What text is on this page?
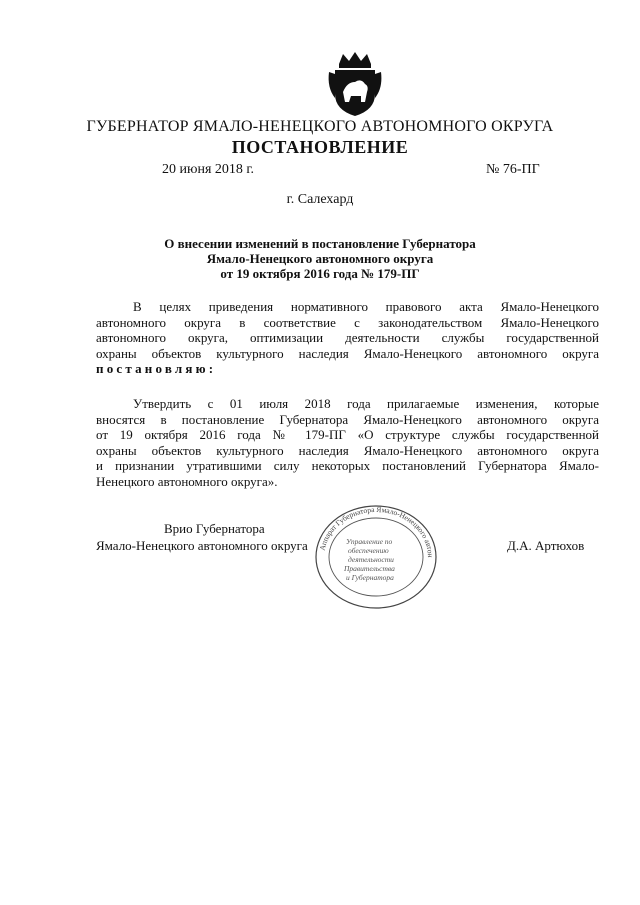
ГУБЕРНАТОР ЯМАЛО-НЕНЕЦКОГО АВТОНОМНОГО ОКРУГА
ПОСТАНОВЛЕНИЕ
20 июня 2018 г.	№ 76-ПГ
г. Салехард
О внесении изменений в постановление Губернатора
Ямало-Ненецкого автономного округа
от 19 октября 2016 года № 179-ПГ
В целях приведения нормативного правового акта Ямало-Ненецкого
автономного округа в соответствие с законодательством Ямало-Ненецкого
автономного округа, оптимизации деятельности службы государственной
охраны объектов культурного наследия Ямало-Ненецкого автономного округа
постановляю:
Утвердить с 01 июля 2018 года прилагаемые изменения, которые
вносятся в постановление Губернатора Ямало-Ненецкого автономного округа
от 19 октября 2016 года № 179-ПГ «О структуре службы государственной
охраны объектов культурного наследия Ямало-Ненецкого автономного округа
и признании утратившими силу некоторых постановлений Губернатора Ямало-
Ненецкого автономного округа».
Аппарат Губернатора Ямало-Ненецкого автон
Управление по
обеспечению
деятельности
Правительства
и Губернатора
Врио Губернатора
Ямало-Ненецкого автономного округа	Д.А. Артюхов
